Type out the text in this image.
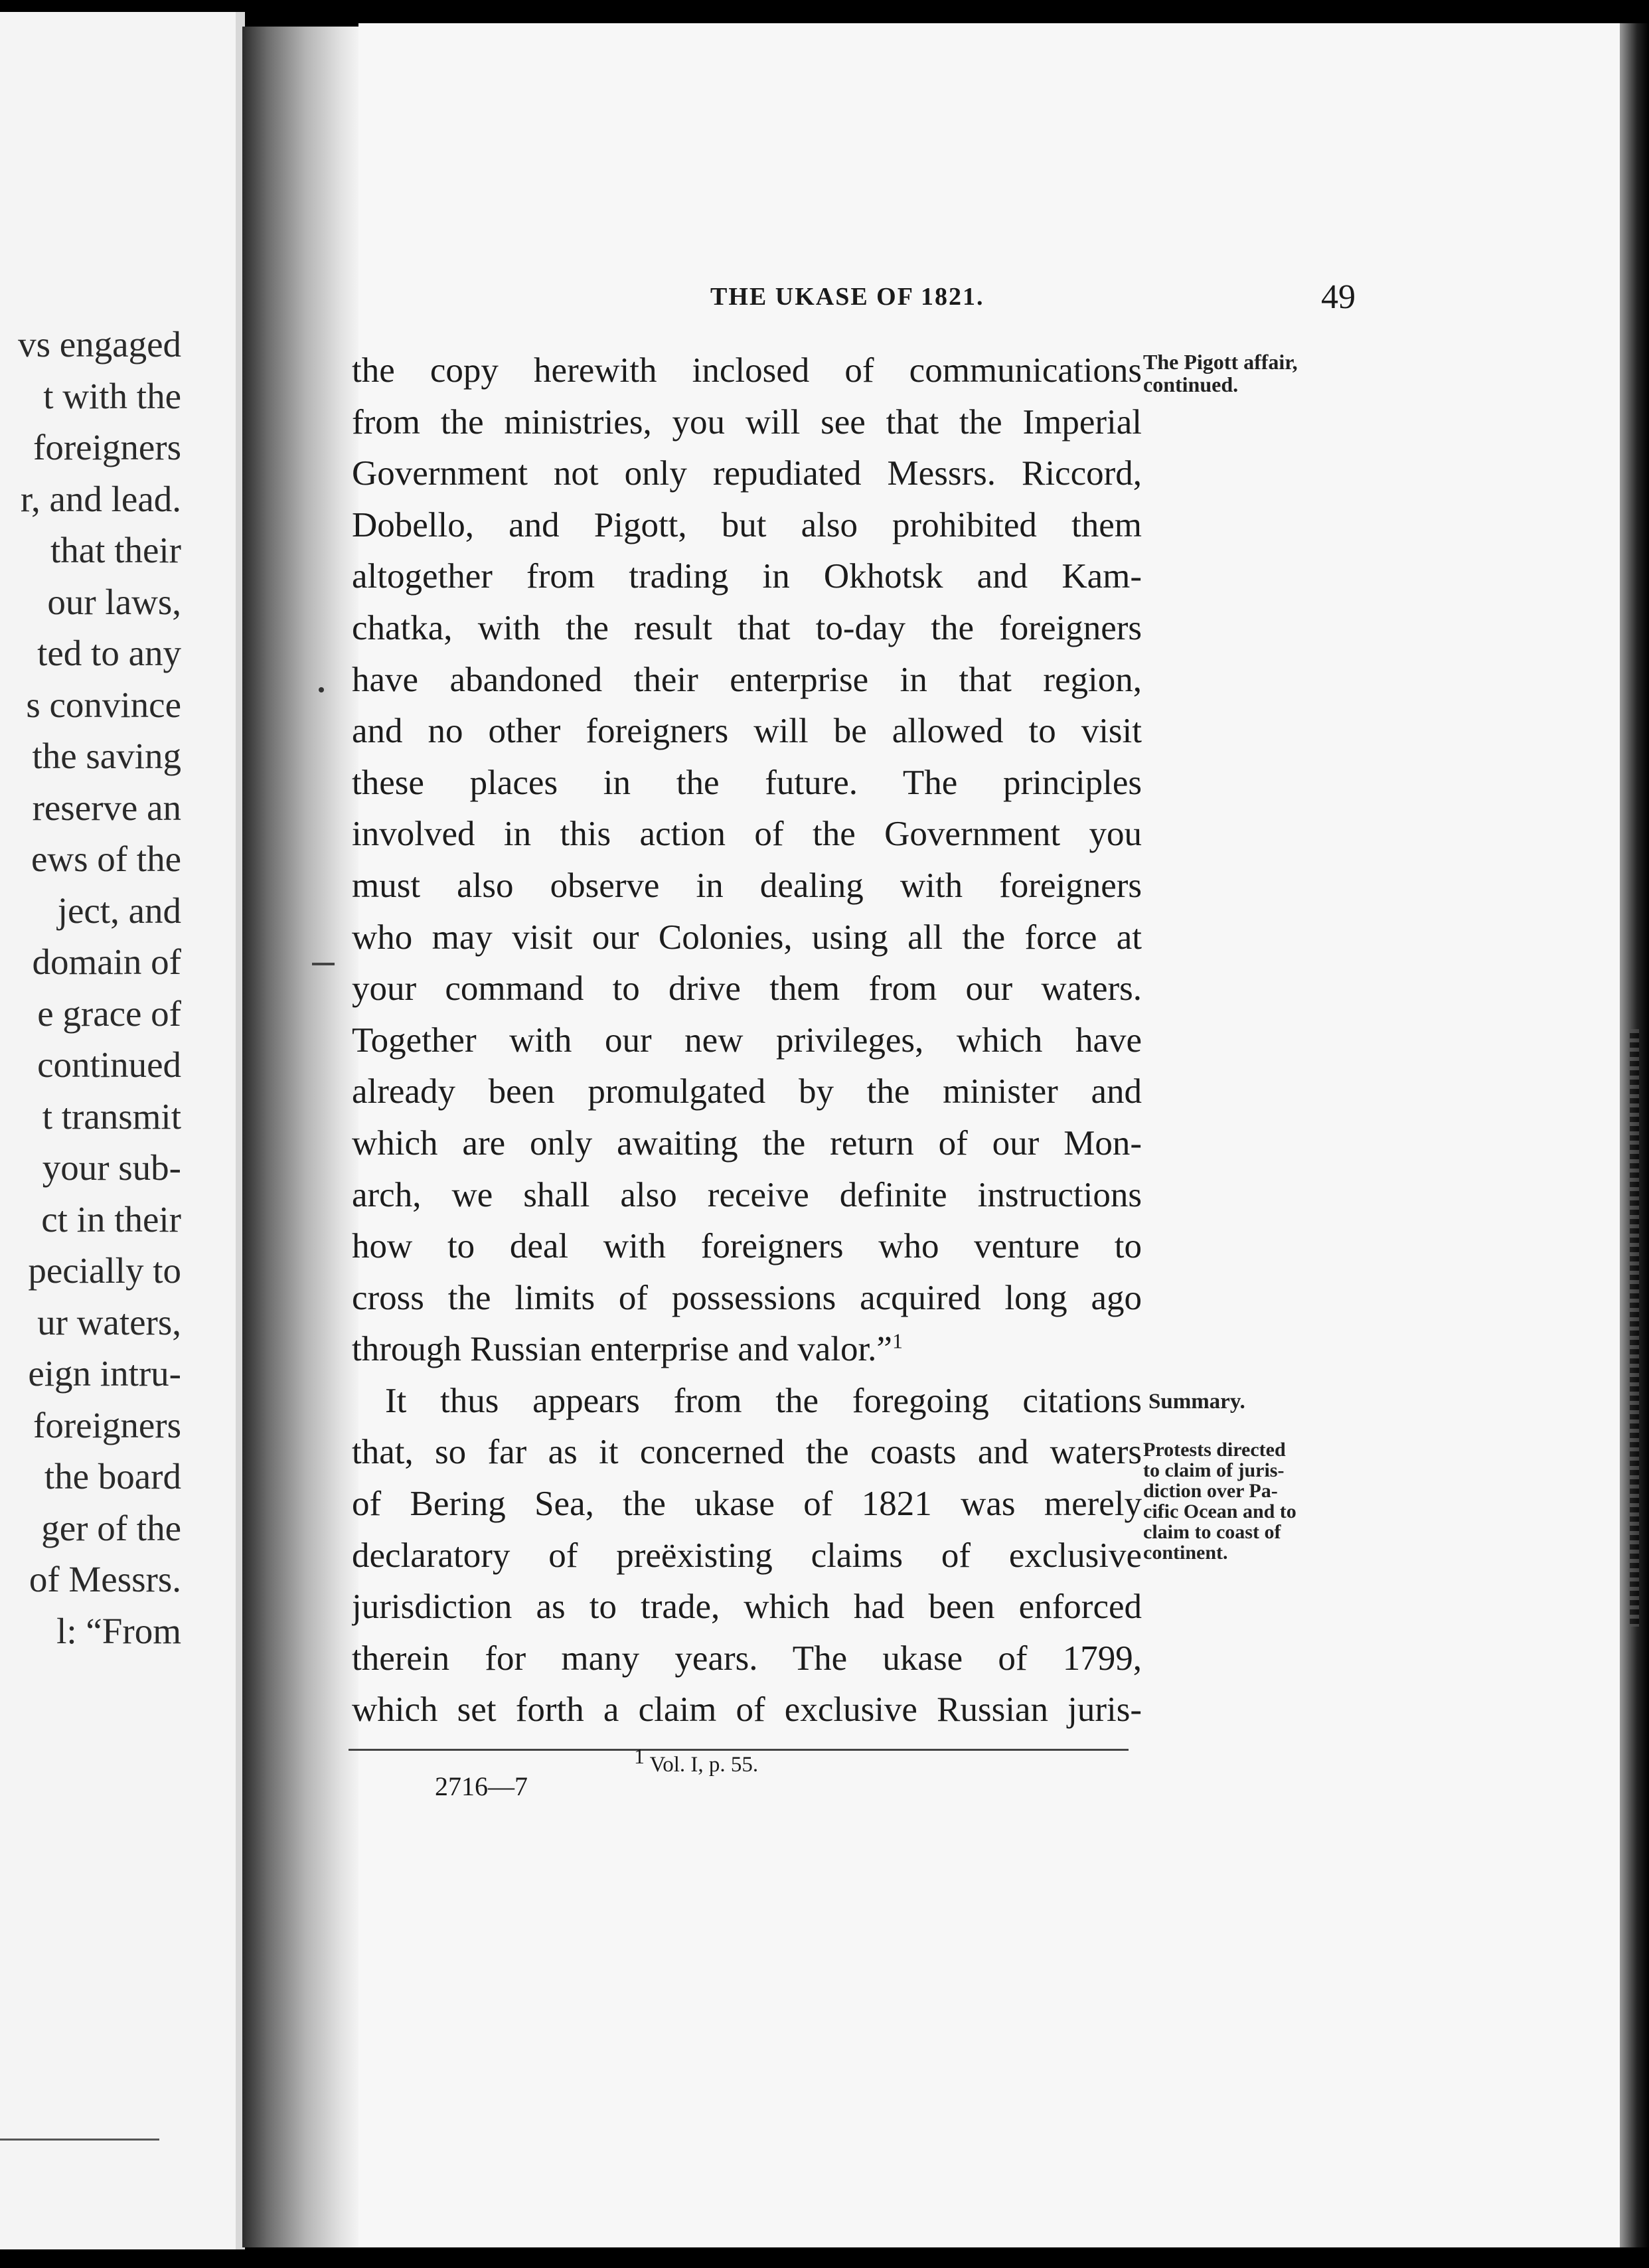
vs engaged
t with the
foreigners
r, and lead.
that their
our laws,
ted to any
s convince
the saving
reserve an
ews of the
ject, and
domain of
e grace of
continued
t transmit
your sub-
ct in their
pecially to
ur waters,
eign intru-
foreigners
the board
ger of the
of Messrs.
l: “From
THE UKASE OF 1821.	49
the copy herewith inclosed of communications
from the ministries, you will see that the Imperial
Government not only repudiated Messrs. Riccord,
Dobello, and Pigott, but also prohibited them
altogether from trading in Okhotsk and Kam-
chatka, with the result that to-day the foreigners
have abandoned their enterprise in that region,
and no other foreigners will be allowed to visit
these places in the future. The principles
involved in this action of the Government you
must also observe in dealing with foreigners
who may visit our Colonies, using all the force at
your command to drive them from our waters.
Together with our new privileges, which have
already been promulgated by the minister and
which are only awaiting the return of our Mon-
arch, we shall also receive definite instructions
how to deal with foreigners who venture to
cross the limits of possessions acquired long ago
through Russian enterprise and valor.”$^1$
It thus appears from the foregoing citations
that, so far as it concerned the coasts and waters
of Bering Sea, the ukase of 1821 was merely
declaratory of preëxisting claims of exclusive
jurisdiction as to trade, which had been enforced
therein for many years. The ukase of 1799,
which set forth a claim of exclusive Russian juris-
The Pigott affair,
continued.
Summary.
Protests directed
to claim of juris-
diction over Pa-
cific Ocean and to
claim to coast of
continent.
$^1$ Vol. I, p. 55.
2716—7
